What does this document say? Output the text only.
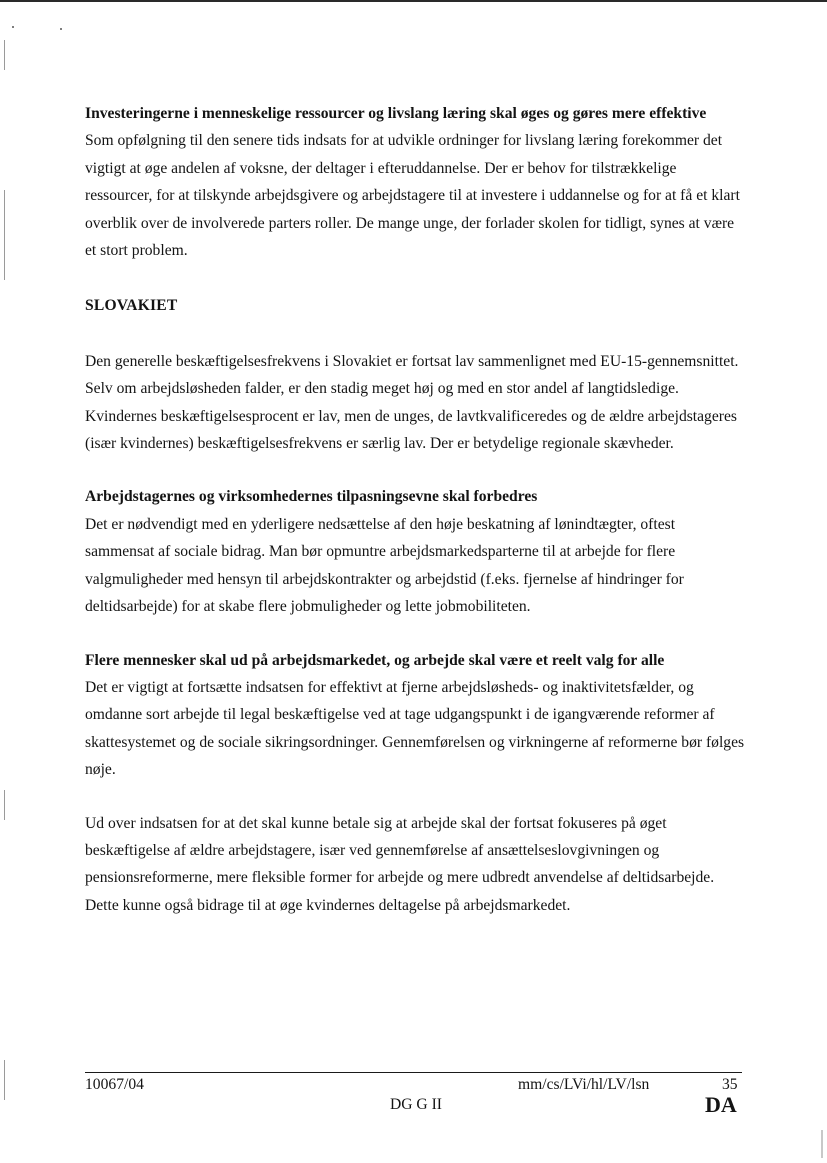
Investeringerne i menneskelige ressourcer og livslang læring skal øges og gøres mere effektive

Som opfølgning til den senere tids indsats for at udvikle ordninger for livslang læring forekommer det vigtigt at øge andelen af voksne, der deltager i efteruddannelse. Der er behov for tilstrækkelige ressourcer, for at tilskynde arbejdsgivere og arbejdstagere til at investere i uddannelse og for at få et klart overblik over de involverede parters roller. De mange unge, der forlader skolen for tidligt, synes at være et stort problem.

SLOVAKIET

Den generelle beskæftigelsesfrekvens i Slovakiet er fortsat lav sammenlignet med EU-15-gennemsnittet. Selv om arbejdsløsheden falder, er den stadig meget høj og med en stor andel af langtidsledige. Kvindernes beskæftigelsesprocent er lav, men de unges, de lavtkvalificeredes og de ældre arbejdstageres (især kvindernes) beskæftigelsesfrekvens er særlig lav. Der er betydelige regionale skævheder.

Arbejdstagernes og virksomhedernes tilpasningsevne skal forbedres

Det er nødvendigt med en yderligere nedsættelse af den høje beskatning af lønindtægter, oftest sammensat af sociale bidrag. Man bør opmuntre arbejdsmarkedsparterne til at arbejde for flere valgmuligheder med hensyn til arbejdskontrakter og arbejdstid (f.eks. fjernelse af hindringer for deltidsarbejde) for at skabe flere jobmuligheder og lette jobmobiliteten.

Flere mennesker skal ud på arbejdsmarkedet, og arbejde skal være et reelt valg for alle

Det er vigtigt at fortsætte indsatsen for effektivt at fjerne arbejdsløsheds- og inaktivitetsfælder, og omdanne sort arbejde til legal beskæftigelse ved at tage udgangspunkt i de igangværende reformer af skattesystemet og de sociale sikringsordninger. Gennemførelsen og virkningerne af reformerne bør følges nøje.

Ud over indsatsen for at det skal kunne betale sig at arbejde skal der fortsat fokuseres på øget beskæftigelse af ældre arbejdstagere, især ved gennemførelse af ansættelseslovgivningen og pensionsreformerne, mere fleksible former for arbejde og mere udbredt anvendelse af deltidsarbejde. Dette kunne også bidrage til at øge kvindernes deltagelse på arbejdsmarkedet.

10067/04	mm/cs/LVi/hl/LV/lsn	35
DG G II	DA
